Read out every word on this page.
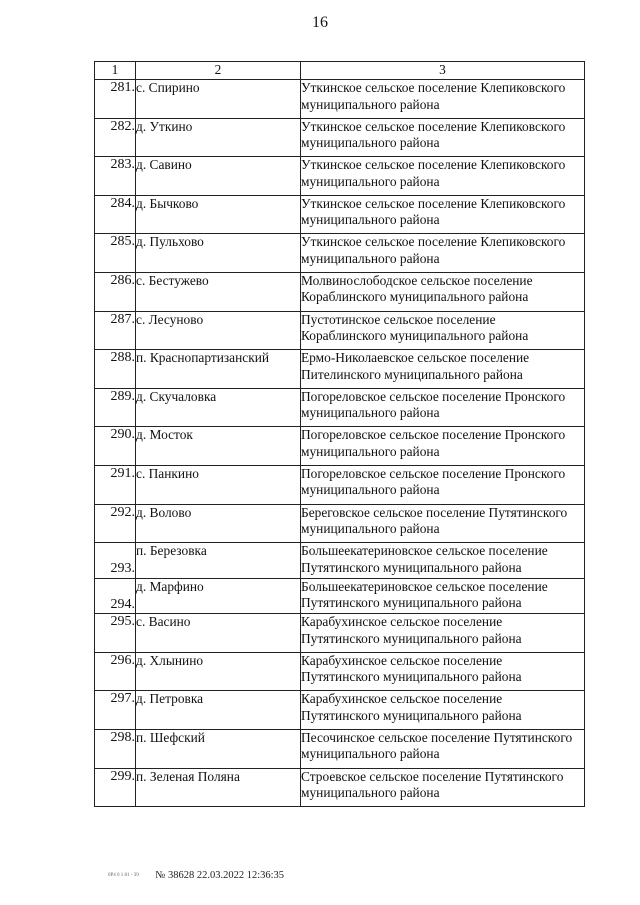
16
1	2	3
281.	с. Спирино	Уткинское сельское поселение Клепиковского муниципального района
282.	д. Уткино	Уткинское сельское поселение Клепиковского муниципального района
283.	д. Савино	Уткинское сельское поселение Клепиковского муниципального района
284.	д. Бычково	Уткинское сельское поселение Клепиковского муниципального района
285.	д. Пульхово	Уткинское сельское поселение Клепиковского муниципального района
286.	с. Бестужево	Молвинослободское сельское поселение Кораблинского муниципального района
287.	с. Лесуново	Пустотинское сельское поселение Кораблинского муниципального района
288.	п. Краснопартизанский	Ермо-Николаевское сельское поселение Пителинского муниципального района
289.	д. Скучаловка	Погореловское сельское поселение Пронского муниципального района
290.	д. Мосток	Погореловское сельское поселение Пронского муниципального района
291.	с. Панкино	Погореловское сельское поселение Пронского муниципального района
292.	д. Волово	Береговское сельское поселение Путятинского муниципального района
293.	п. Березовка	Большеекатериновское сельское поселение Путятинского муниципального района
294.	д. Марфино	Большеекатериновское сельское поселение Путятинского муниципального района
295.	с. Васино	Карабухинское сельское поселение Путятинского муниципального района
296.	д. Хлынино	Карабухинское сельское поселение Путятинского муниципального района
297.	д. Петровка	Карабухинское сельское поселение Путятинского муниципального района
298.	п. Шефский	Песочинское сельское поселение Путятинского муниципального района
299.	п. Зеленая Поляна	Строевское сельское поселение Путятинского муниципального района
0P4 0 1 81 - 39 № 38628 22.03.2022 12:36:35
